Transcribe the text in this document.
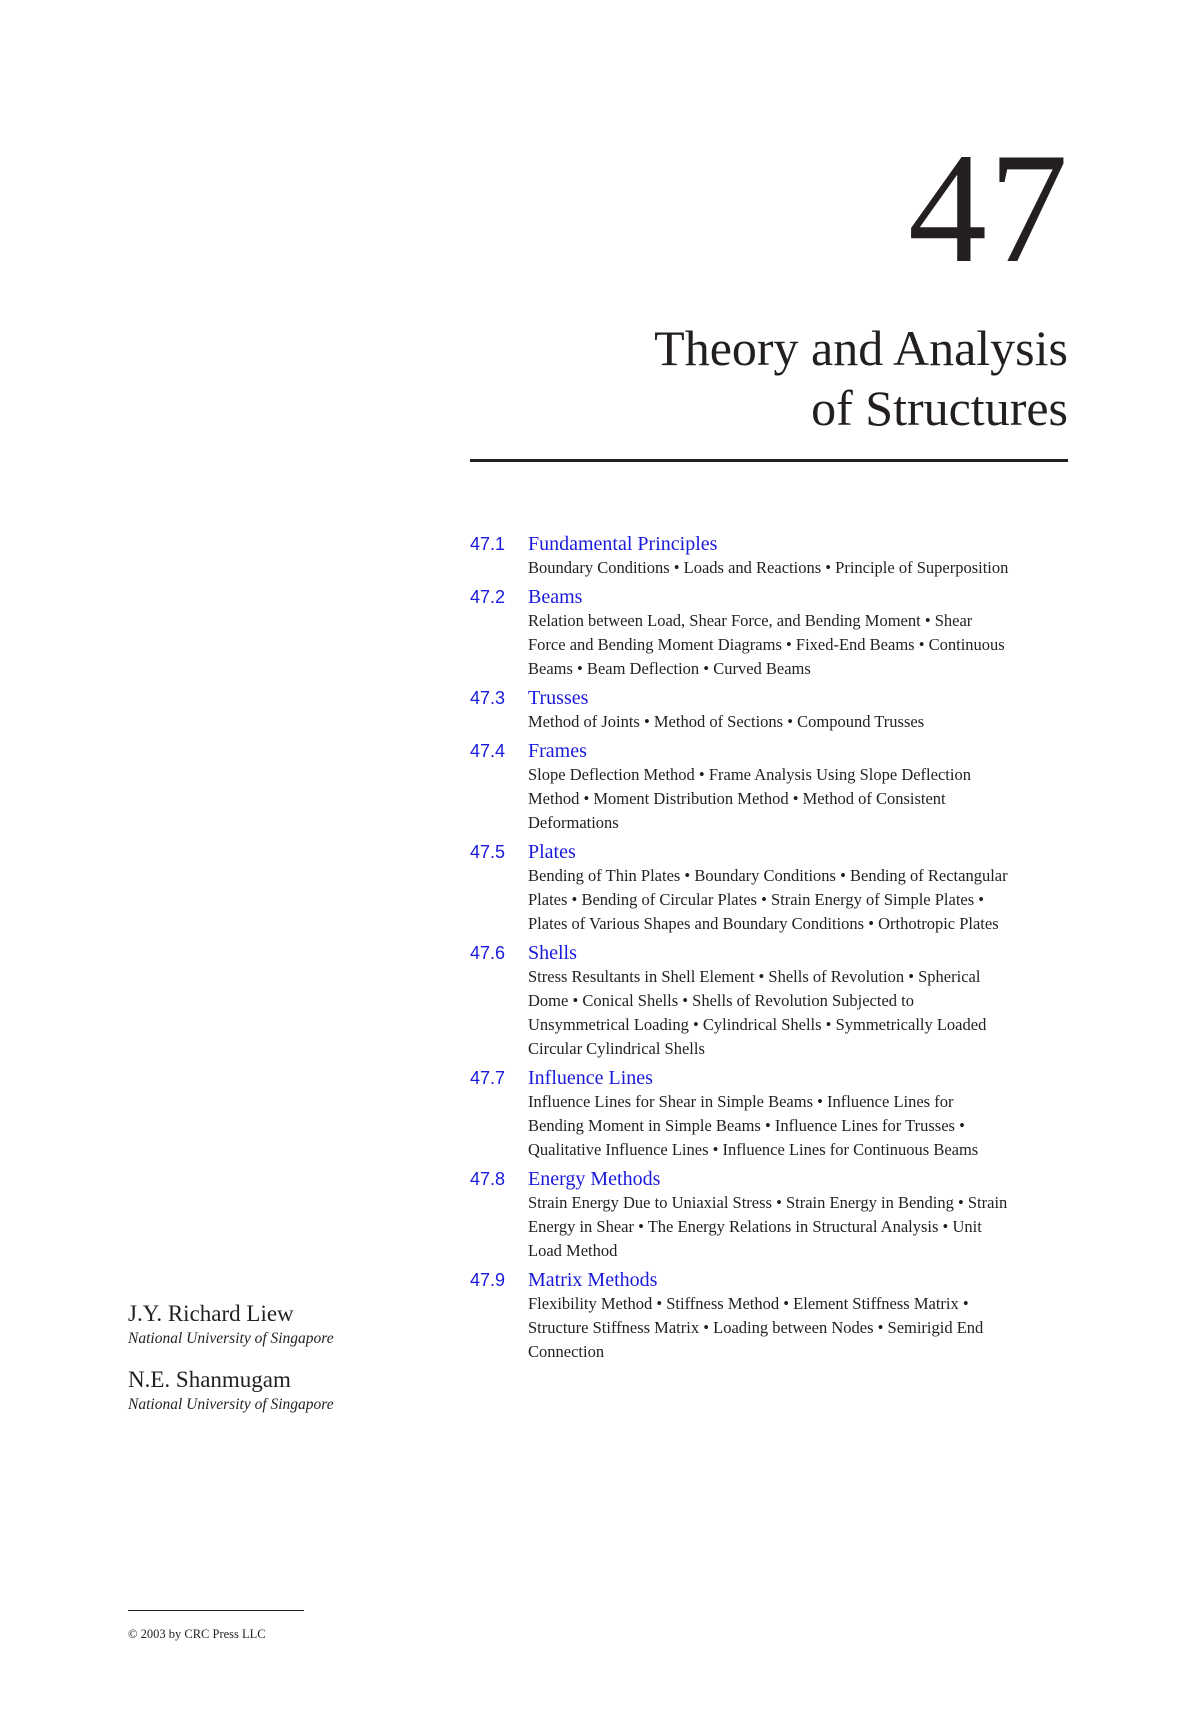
47
Theory and Analysis
of Structures
47.1 Fundamental Principles
Boundary Conditions • Loads and Reactions • Principle of Superposition
47.2 Beams
Relation between Load, Shear Force, and Bending Moment • Shear Force and Bending Moment Diagrams • Fixed-End Beams • Continuous Beams • Beam Deflection • Curved Beams
47.3 Trusses
Method of Joints • Method of Sections • Compound Trusses
47.4 Frames
Slope Deflection Method • Frame Analysis Using Slope Deflection Method • Moment Distribution Method • Method of Consistent Deformations
47.5 Plates
Bending of Thin Plates • Boundary Conditions • Bending of Rectangular Plates • Bending of Circular Plates • Strain Energy of Simple Plates • Plates of Various Shapes and Boundary Conditions • Orthotropic Plates
47.6 Shells
Stress Resultants in Shell Element • Shells of Revolution • Spherical Dome • Conical Shells • Shells of Revolution Subjected to Unsymmetrical Loading • Cylindrical Shells • Symmetrically Loaded Circular Cylindrical Shells
47.7 Influence Lines
Influence Lines for Shear in Simple Beams • Influence Lines for Bending Moment in Simple Beams • Influence Lines for Trusses • Qualitative Influence Lines • Influence Lines for Continuous Beams
47.8 Energy Methods
Strain Energy Due to Uniaxial Stress • Strain Energy in Bending • Strain Energy in Shear • The Energy Relations in Structural Analysis • Unit Load Method
47.9 Matrix Methods
Flexibility Method • Stiffness Method • Element Stiffness Matrix • Structure Stiffness Matrix • Loading between Nodes • Semirigid End Connection
J.Y. Richard Liew
National University of Singapore
N.E. Shanmugam
National University of Singapore
© 2003 by CRC Press LLC
